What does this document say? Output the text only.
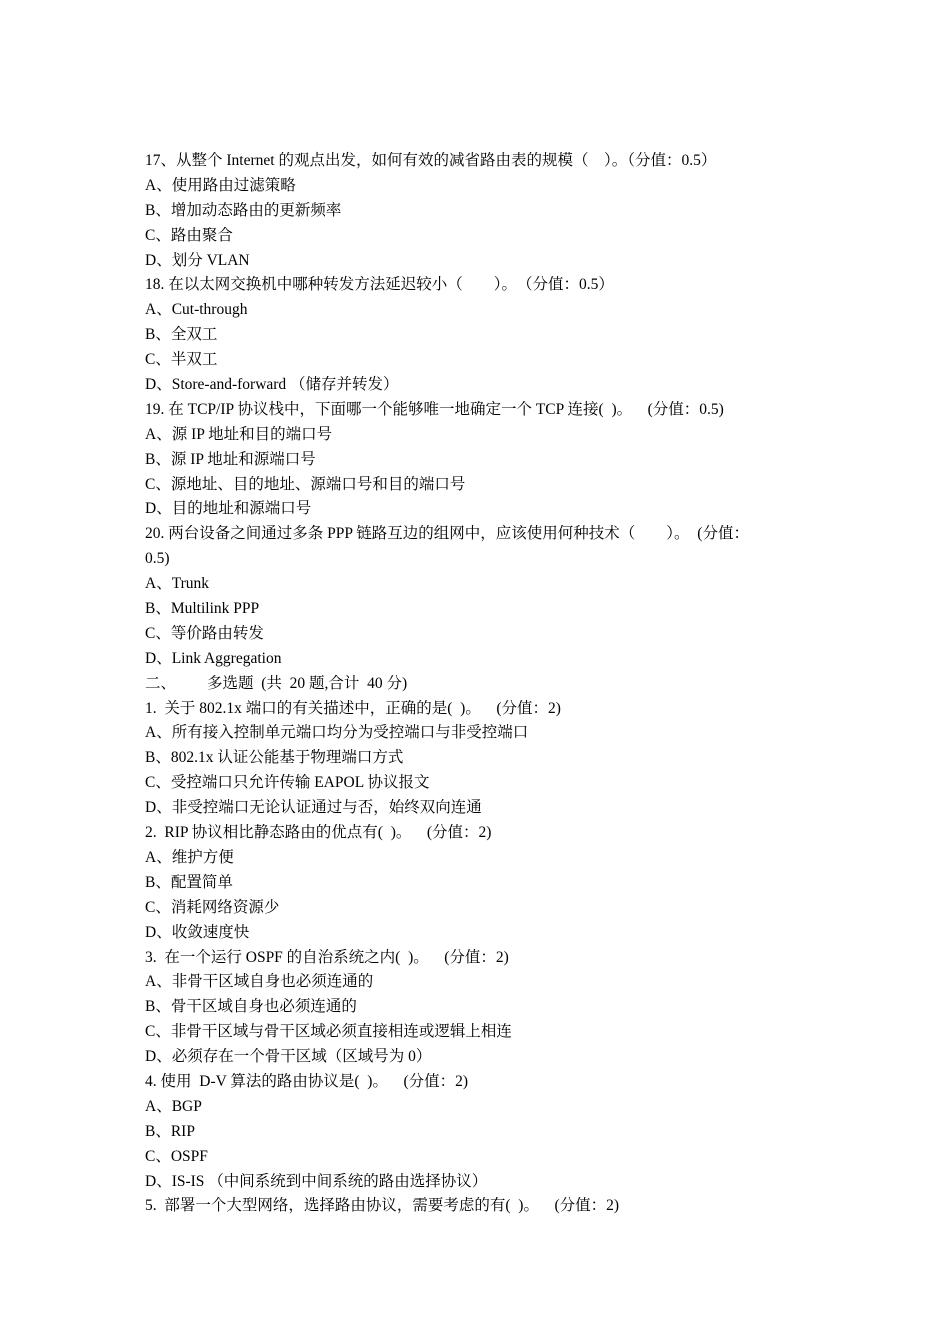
17、从整个 Internet 的观点出发，如何有效的减省路由表的规模（　）。（分值：0.5）
A、使用路由过滤策略
B、增加动态路由的更新频率
C、路由聚合
D、划分 VLAN
18. 在以太网交换机中哪种转发方法延迟较小（　　）。　（分值：0.5）
A、Cut-through
B、全双工
C、半双工
D、Store-and-forward （储存并转发）
19. 在 TCP/IP 协议栈中，下面哪一个能够唯一地确定一个 TCP 连接(  )。    (分值：0.5)
A、源 IP 地址和目的端口号
B、源 IP 地址和源端口号
C、源地址、目的地址、源端口号和目的端口号
D、目的地址和源端口号
20. 两台设备之间通过多条 PPP 链路互边的组网中，应该使用何种技术（　　）。　(分值：
0.5)
A、Trunk
B、Multilink PPP
C、等价路由转发
D、Link Aggregation
二、        多选题  (共  20 题,合计  40 分)
1.  关于 802.1x 端口的有关描述中，正确的是(  )。    (分值：2)
A、所有接入控制单元端口均分为受控端口与非受控端口
B、802.1x 认证公能基于物理端口方式
C、受控端口只允许传输 EAPOL 协议报文
D、非受控端口无论认证通过与否，始终双向连通
2.  RIP 协议相比静态路由的优点有(  )。    (分值：2)
A、维护方便
B、配置简单
C、消耗网络资源少
D、收敛速度快
3.  在一个运行 OSPF 的自治系统之内(  )。    (分值：2)
A、非骨干区域自身也必须连通的
B、骨干区域自身也必须连通的
C、非骨干区域与骨干区域必须直接相连或逻辑上相连
D、必须存在一个骨干区域（区域号为 0）
4. 使用  D-V 算法的路由协议是(  )。    (分值：2)
A、BGP
B、RIP
C、OSPF
D、IS-IS （中间系统到中间系统的路由选择协议）
5.  部署一个大型网络，选择路由协议，需要考虑的有(  )。    (分值：2)
